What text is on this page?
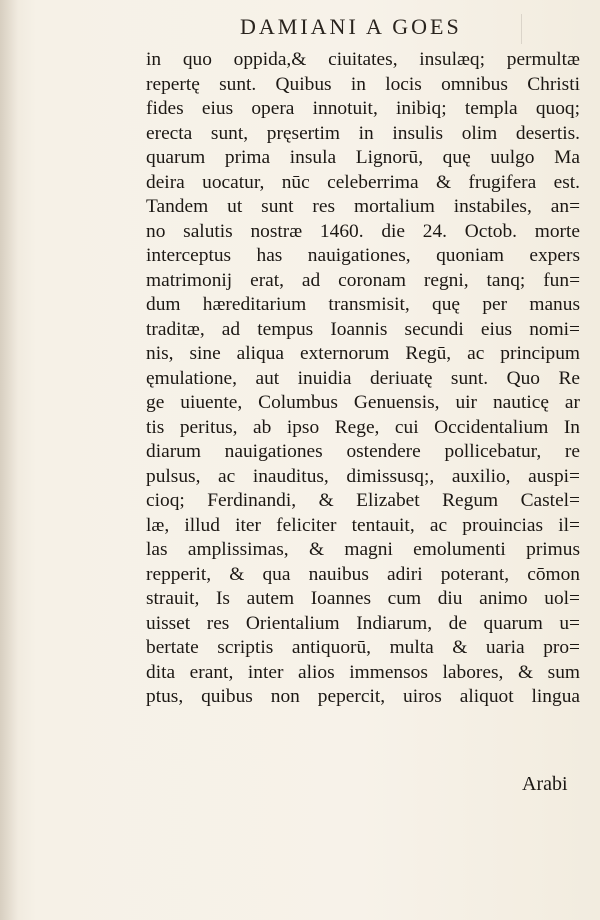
DAMIANI A GOES
in quo oppida,& ciuitates, insulæq; permultæ
repertę sunt. Quibus in locis omnibus Christi
fides eius opera innotuit, inibiq; templa quoq;
erecta sunt, pręsertim in insulis olim desertis.
quarum prima insula Lignorū, quę uulgo Ma
deira uocatur, nūc celeberrima & frugifera est.
Tandem ut sunt res mortalium instabiles, an=
no salutis nostræ 1460. die 24. Octob. morte
interceptus has nauigationes, quoniam expers
matrimonij erat, ad coronam regni, tanq; fun=
dum hæreditarium transmisit, quę per manus
traditæ, ad tempus Ioannis secundi eius nomi=
nis, sine aliqua externorum Regū, ac principum
ęmulatione, aut inuidia deriuatę sunt. Quo Re
ge uiuente, Columbus Genuensis, uir nauticę ar
tis peritus, ab ipso Rege, cui Occidentalium In
diarum nauigationes ostendere pollicebatur, re
pulsus, ac inauditus, dimissusq;, auxilio, auspi=
cioq; Ferdinandi, & Elizabet Regum Castel=
læ, illud iter feliciter tentauit, ac prouincias il=
las amplissimas, & magni emolumenti primus
repperit, & qua nauibus adiri poterant, cōmon
strauit, Is autem Ioannes cum diu animo uol=
uisset res Orientalium Indiarum, de quarum u=
bertate scriptis antiquorū, multa & uaria pro=
dita erant, inter alios immensos labores, & sum
ptus, quibus non pepercit, uiros aliquot lingua
Arabi
